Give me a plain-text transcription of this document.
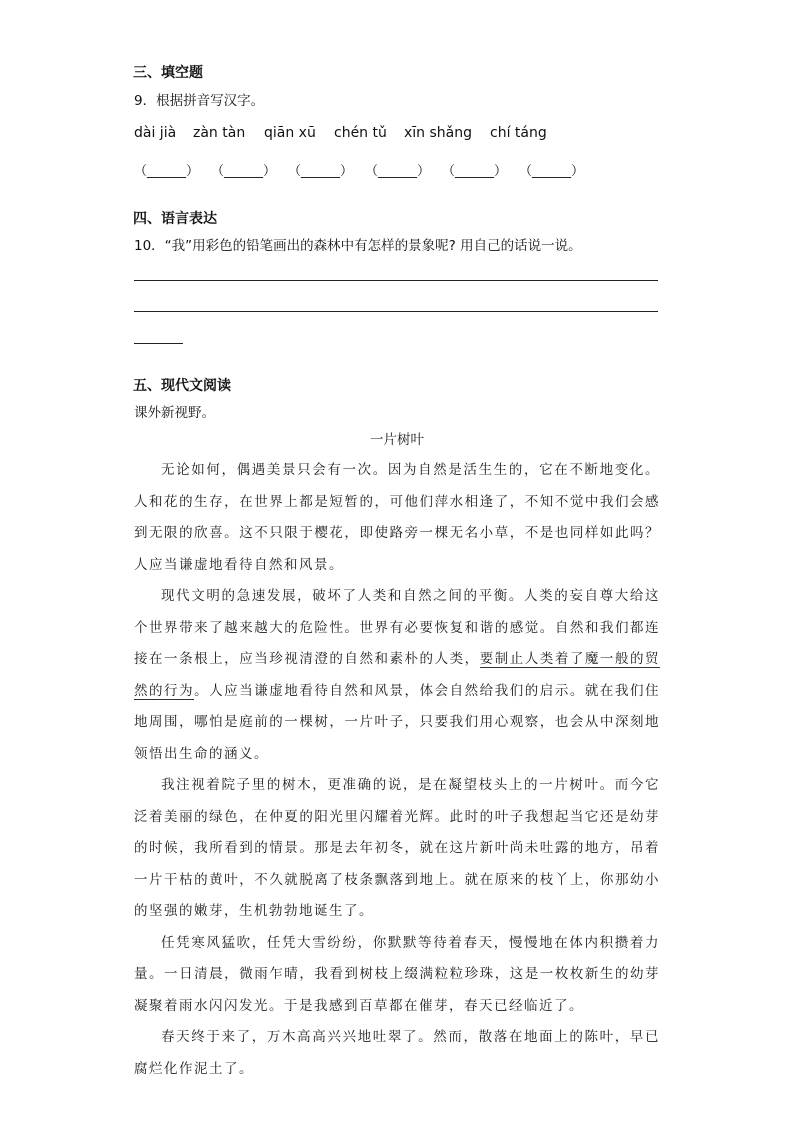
三、填空题
9．根据拼音写汉字。
dài jià zàn tàn qiān xū chén tǔ xīn shǎng chí táng
（______） （______） （______） （______） （______） （______）
四、语言表达
10．“我”用彩色的铅笔画出的森林中有怎样的景象呢? 用自己的话说一说。
五、现代文阅读
课外新视野。

一片树叶

无论如何，偶遇美景只会有一次。因为自然是活生生的，它在不断地变化。人和花的生存，在世界上都是短暂的，可他们萍水相逢了，不知不觉中我们会感到无限的欣喜。这不只限于樱花，即使路旁一棵无名小草，不是也同样如此吗？人应当谦虚地看待自然和风景。

现代文明的急速发展，破坏了人类和自然之间的平衡。人类的妄自尊大给这个世界带来了越来越大的危险性。世界有必要恢复和谐的感觉。自然和我们都连接在一条根上，应当珍视清澄的自然和素朴的人类，要制止人类着了魔一般的贸然的行为。人应当谦虚地看待自然和风景，体会自然给我们的启示。就在我们住地周围，哪怕是庭前的一棵树，一片叶子，只要我们用心观察，也会从中深刻地领悟出生命的涵义。

我注视着院子里的树木，更准确的说，是在凝望枝头上的一片树叶。而今它泛着美丽的绿色，在仲夏的阳光里闪耀着光辉。此时的叶子我想起当它还是幼芽的时候，我所看到的情景。那是去年初冬，就在这片新叶尚未吐露的地方，吊着一片干枯的黄叶，不久就脱离了枝条飘落到地上。就在原来的枝丫上，你那幼小的坚强的嫩芽，生机勃勃地诞生了。

任凭寒风猛吹，任凭大雪纷纷，你默默等待着春天，慢慢地在体内积攒着力量。一日清晨，微雨乍晴，我看到树枝上缀满粒粒珍珠，这是一枚枚新生的幼芽凝聚着雨水闪闪发光。于是我感到百草都在催芽，春天已经临近了。

春天终于来了，万木高高兴兴地吐翠了。然而，散落在地面上的陈叶，早已腐烂化作泥土了。
